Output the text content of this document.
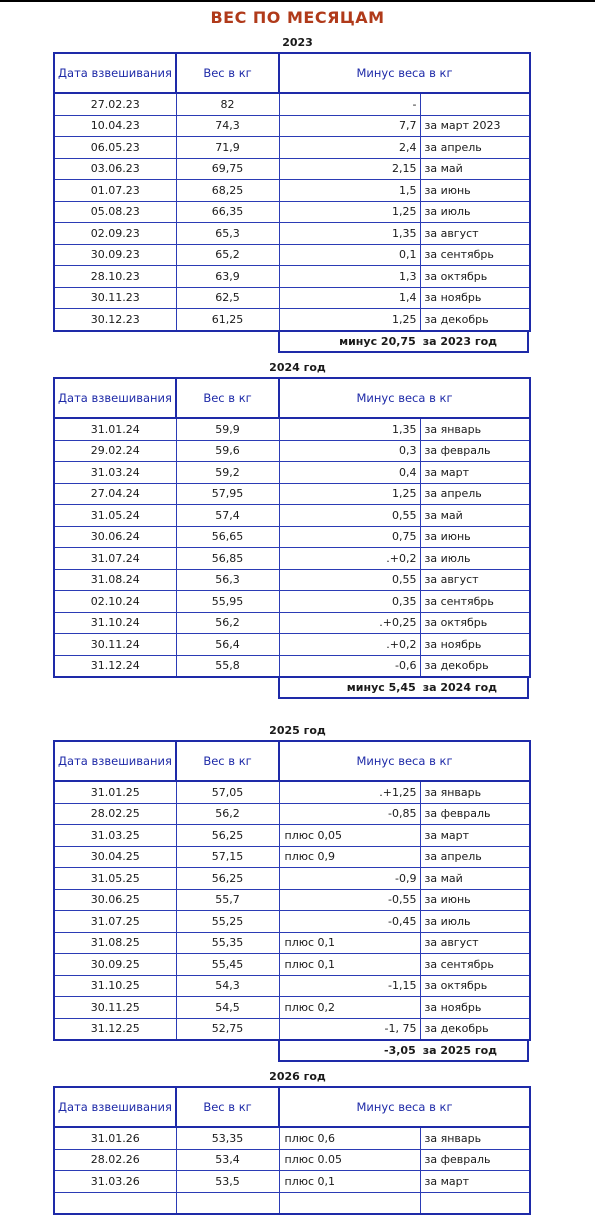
ВЕС ПО МЕСЯЦАМ
2023
Дата взвешивания	Вес в кг	Минус веса в кг	
27.02.23	82	-	
10.04.23	74,3	7,7	за март 2023
06.05.23	71,9	2,4	за апрель
03.06.23	69,75	2,15	за май
01.07.23	68,25	1,5	за июнь
05.08.23	66,35	1,25	за июль
02.09.23	65,3	1,35	за август
30.09.23	65,2	0,1	за сентябрь
28.10.23	63,9	1,3	за октябрь
30.11.23	62,5	1,4	за ноябрь
30.12.23	61,25	1,25	за декобрь
минус 20,75 за 2023 год
2024 год
Дата взвешивания	Вес в кг	Минус веса в кг	
31.01.24	59,9	1,35	за январь
29.02.24	59,6	0,3	за февраль
31.03.24	59,2	0,4	за март
27.04.24	57,95	1,25	за апрель
31.05.24	57,4	0,55	за май
30.06.24	56,65	0,75	за июнь
31.07.24	56,85	.+0,2	за июль
31.08.24	56,3	0,55	за август
02.10.24	55,95	0,35	за сентябрь
31.10.24	56,2	.+0,25	за октябрь
30.11.24	56,4	.+0,2	за ноябрь
31.12.24	55,8	-0,6	за декобрь
минус 5,45 за 2024 год
2025 год
Дата взвешивания	Вес в кг	Минус веса в кг	
31.01.25	57,05	.+1,25	за январь
28.02.25	56,2	-0,85	за февраль
31.03.25	56,25	плюс 0,05	за март
30.04.25	57,15	плюс 0,9	за апрель
31.05.25	56,25	-0,9	за май
30.06.25	55,7	-0,55	за июнь
31.07.25	55,25	-0,45	за июль
31.08.25	55,35	плюс 0,1	за август
30.09.25	55,45	плюс 0,1	за сентябрь
31.10.25	54,3	-1,15	за октябрь
30.11.25	54,5	плюс 0,2	за ноябрь
31.12.25	52,75	-1, 75	за декобрь
-3,05 за 2025 год
2026 год
Дата взвешивания	Вес в кг	Минус веса в кг	
31.01.26	53,35	плюс 0,6	за январь
28.02.26	53,4	плюс 0.05	за февраль
31.03.26	53,5	плюс 0,1	за март
